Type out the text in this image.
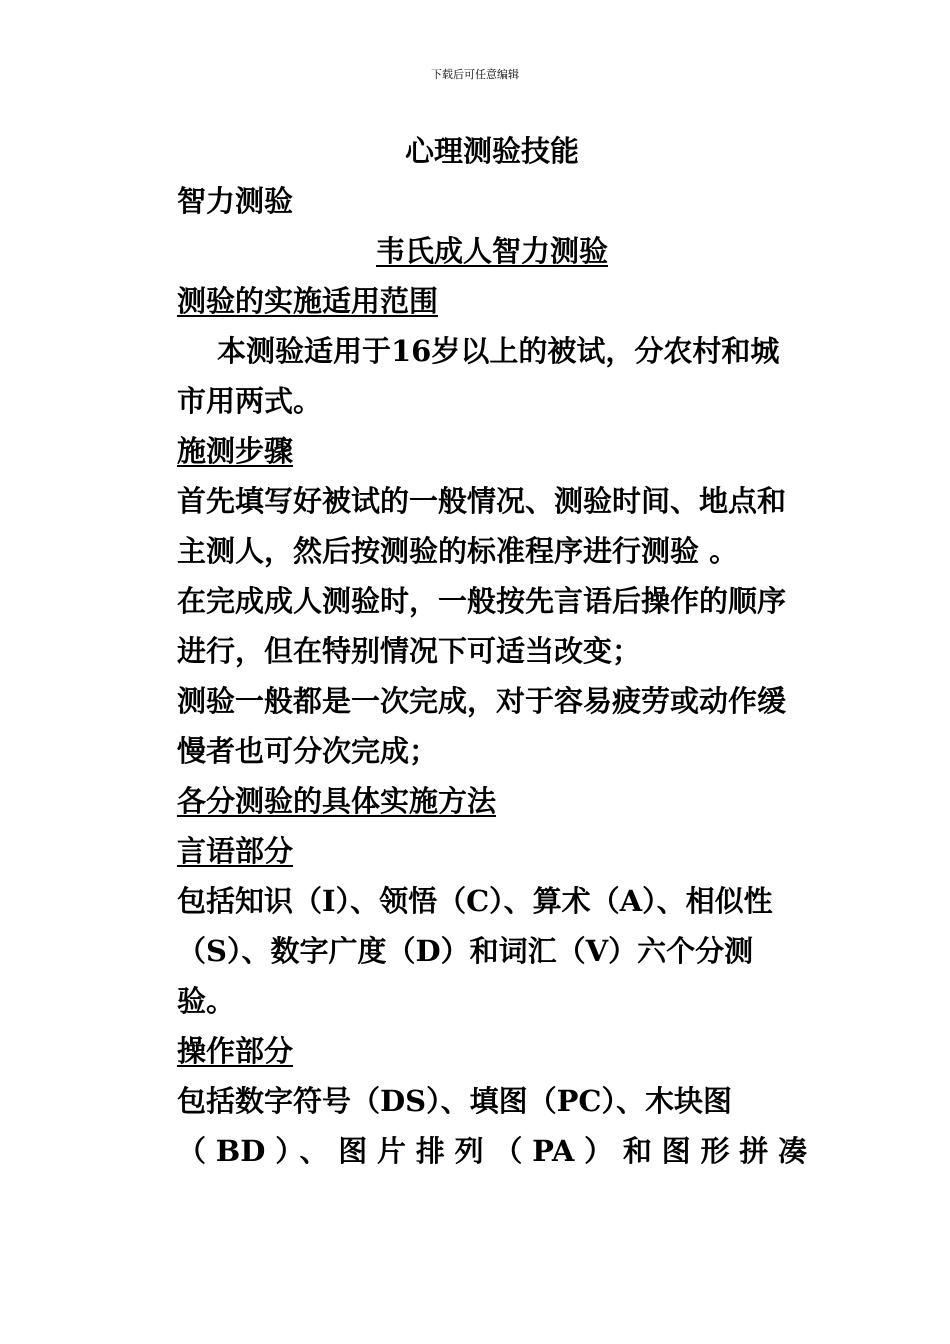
下载后可任意编辑

心理测验技能

智力测验

韦氏成人智力测验

测验的实施适用范围

本测验适用于16岁以上的被试，分农村和城市用两式。

施测步骤

首先填写好被试的一般情况、测验时间、地点和主测人，然后按测验的标准程序进行测验 。

在完成成人测验时，一般按先言语后操作的顺序进行，但在特别情况下可适当改变；

测验一般都是一次完成，对于容易疲劳或动作缓慢者也可分次完成；

各分测验的具体实施方法

言语部分

包括知识（I）、领悟（C）、算术（A）、相似性（S）、数字广度（D）和词汇（V）六个分测验。

操作部分

包括数字符号（DS）、填图（PC）、木块图

（BD）、图片排列（PA）和图形拼凑
